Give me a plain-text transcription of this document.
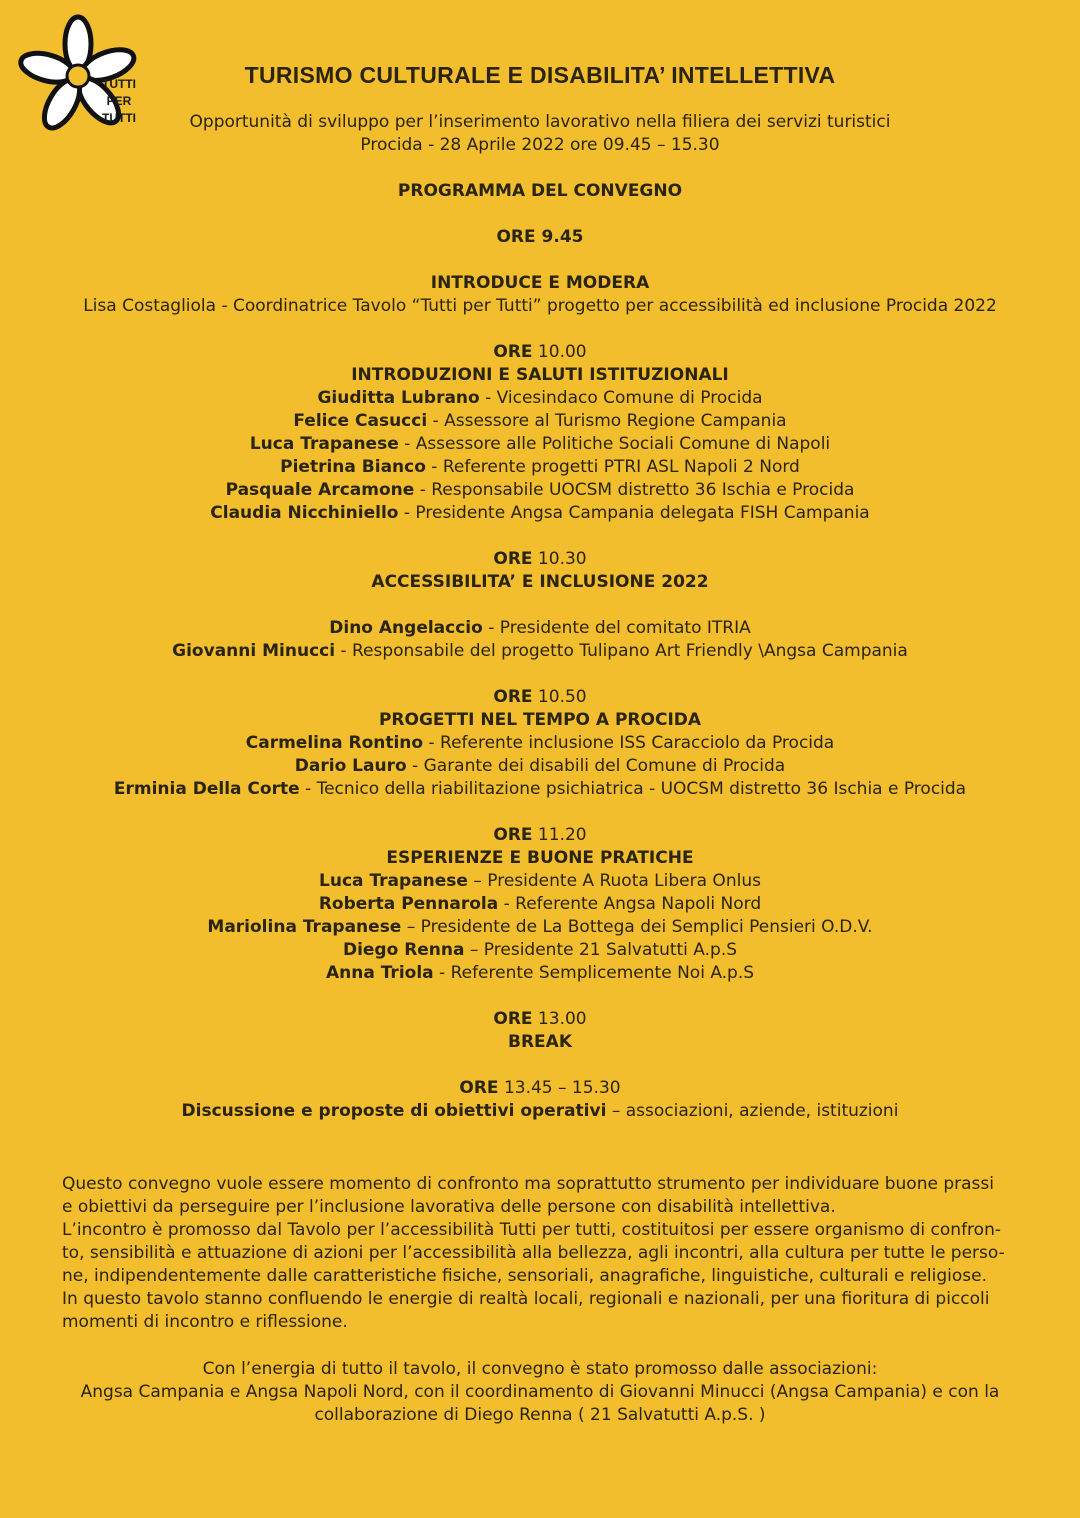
TUTTI
PER
TUTTI
TURISMO CULTURALE E DISABILITA’ INTELLETTIVA
Opportunità di sviluppo per l’inserimento lavorativo nella filiera dei servizi turistici
Procida - 28 Aprile 2022 ore 09.45 – 15.30

PROGRAMMA DEL CONVEGNO

ORE 9.45

INTRODUCE E MODERA

Lisa Costagliola - Coordinatrice Tavolo “Tutti per Tutti” progetto per accessibilità ed inclusione Procida 2022

ORE 10.00

INTRODUZIONI E SALUTI ISTITUZIONALI

Giuditta Lubrano - Vicesindaco Comune di Procida

Felice Casucci - Assessore al Turismo Regione Campania

Luca Trapanese - Assessore alle Politiche Sociali Comune di Napoli

Pietrina Bianco - Referente progetti PTRI ASL Napoli 2 Nord

Pasquale Arcamone - Responsabile UOCSM distretto 36 Ischia e Procida

Claudia Nicchiniello - Presidente Angsa Campania delegata FISH Campania

ORE 10.30

ACCESSIBILITA’ E INCLUSIONE 2022

Dino Angelaccio - Presidente del comitato ITRIA

Giovanni Minucci - Responsabile del progetto Tulipano Art Friendly \Angsa Campania

ORE 10.50

PROGETTI NEL TEMPO A PROCIDA

Carmelina Rontino - Referente inclusione ISS Caracciolo da Procida

Dario Lauro - Garante dei disabili del Comune di Procida

Erminia Della Corte - Tecnico della riabilitazione psichiatrica - UOCSM distretto 36 Ischia e Procida

ORE 11.20

ESPERIENZE E BUONE PRATICHE

Luca Trapanese – Presidente A Ruota Libera Onlus

Roberta Pennarola - Referente Angsa Napoli Nord

Mariolina Trapanese – Presidente de La Bottega dei Semplici Pensieri O.D.V.

Diego Renna – Presidente 21 Salvatutti A.p.S

Anna Triola - Referente Semplicemente Noi A.p.S

ORE 13.00

BREAK

ORE 13.45 – 15.30

Discussione e proposte di obiettivi operativi – associazioni, aziende, istituzioni

Questo convegno vuole essere momento di confronto ma soprattutto strumento per individuare buone prassi

e obiettivi da perseguire per l’inclusione lavorativa delle persone con disabilità intellettiva.

L’incontro è promosso dal Tavolo per l’accessibilità Tutti per tutti, costituitosi per essere organismo di confron-

to, sensibilità e attuazione di azioni per l’accessibilità alla bellezza, agli incontri, alla cultura per tutte le perso-

ne, indipendentemente dalle caratteristiche fisiche, sensoriali, anagrafiche, linguistiche, culturali e religiose.

In questo tavolo stanno confluendo le energie di realtà locali, regionali e nazionali, per una fioritura di piccoli

momenti di incontro e riflessione.

Con l’energia di tutto il tavolo, il convegno è stato promosso dalle associazioni:

Angsa Campania e Angsa Napoli Nord, con il coordinamento di Giovanni Minucci (Angsa Campania) e con la

collaborazione di Diego Renna ( 21 Salvatutti A.p.S. )
